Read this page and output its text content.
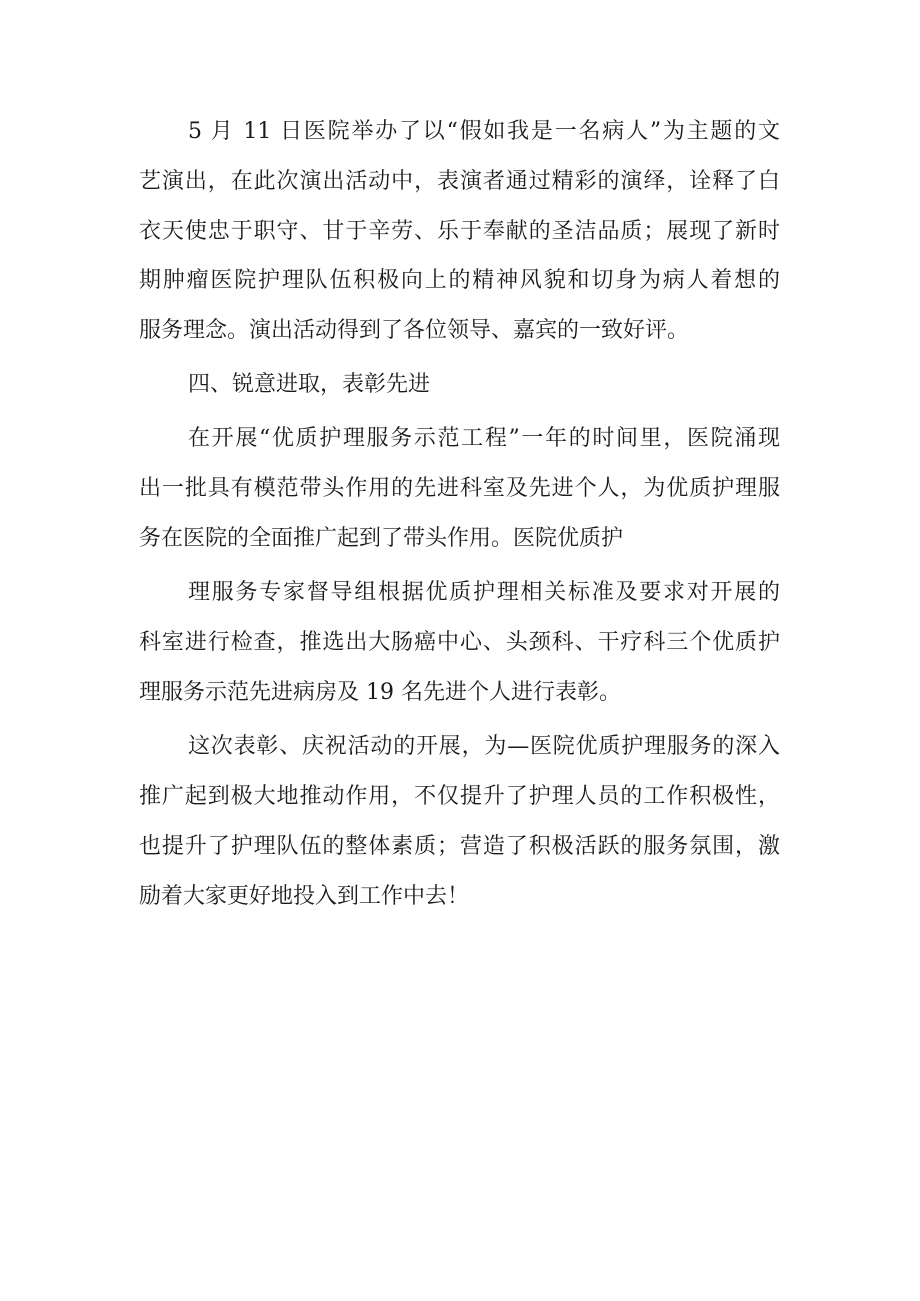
5 月 11 日医院举办了以“假如我是一名病人”为主题的文

艺演出，在此次演出活动中，表演者通过精彩的演绎，诠释了白

衣天使忠于职守、甘于辛劳、乐于奉献的圣洁品质；展现了新时

期肿瘤医院护理队伍积极向上的精神风貌和切身为病人着想的

服务理念。演出活动得到了各位领导、嘉宾的一致好评。

四、锐意进取，表彰先进

在开展“优质护理服务示范工程”一年的时间里，医院涌现

出一批具有模范带头作用的先进科室及先进个人，为优质护理服

务在医院的全面推广起到了带头作用。医院优质护

理服务专家督导组根据优质护理相关标准及要求对开展的

科室进行检查，推选出大肠癌中心、头颈科、干疗科三个优质护

理服务示范先进病房及 19 名先进个人进行表彰。

这次表彰、庆祝活动的开展，为—医院优质护理服务的深入

推广起到极大地推动作用，不仅提升了护理人员的工作积极性，

也提升了护理队伍的整体素质；营造了积极活跃的服务氛围，激

励着大家更好地投入到工作中去！
